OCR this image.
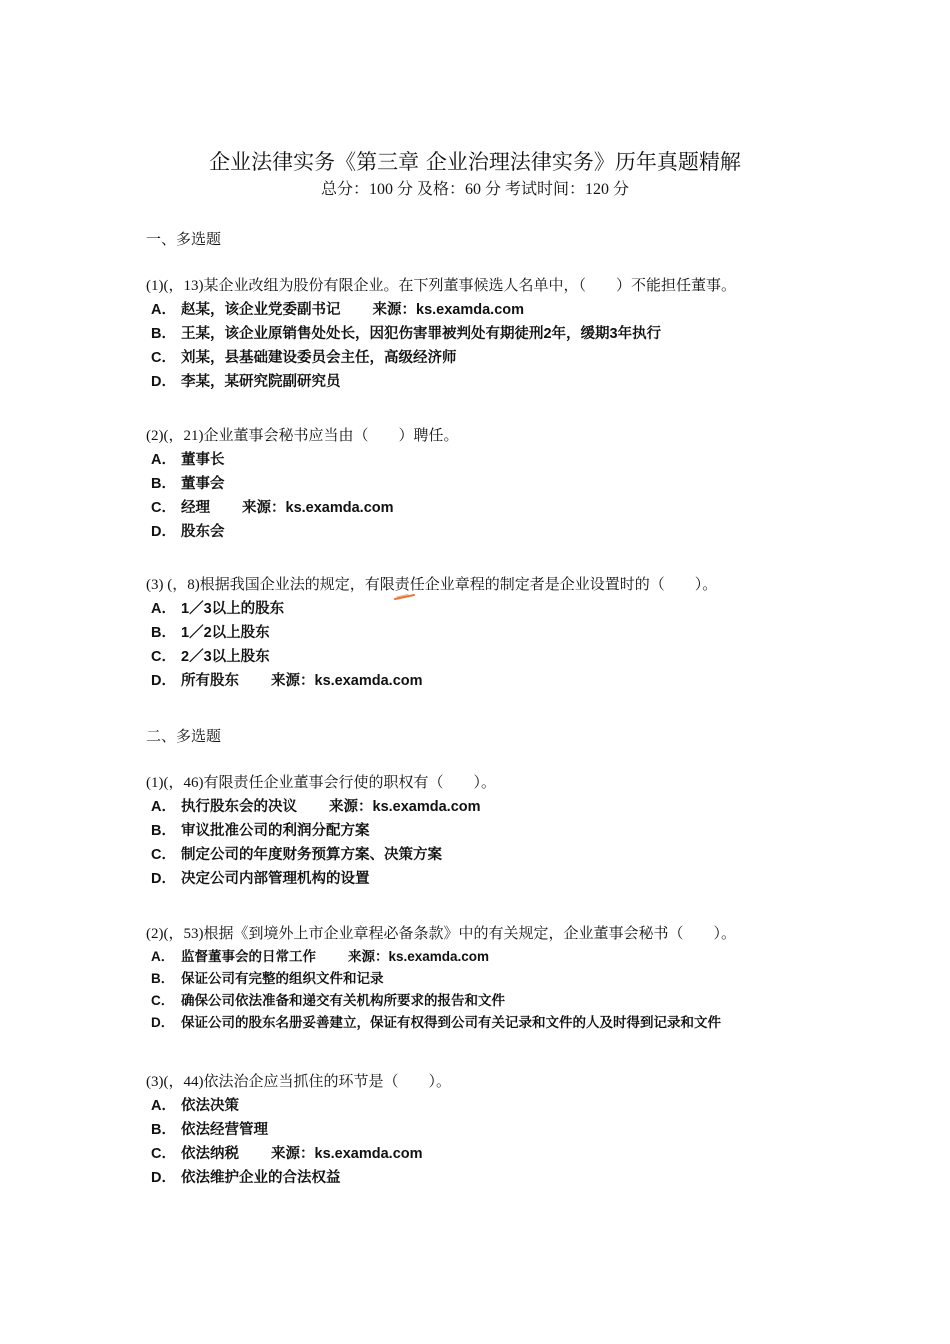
企业法律实务《第三章 企业治理法律实务》历年真题精解
总分：100 分 及格：60 分 考试时间：120 分
一、多选题
(1)(，13)某企业改组为股份有限企业。在下列董事候选人名单中，（　　）不能担任董事。
A． 赵某，该企业党委副书记 来源：ks.examda.com
B． 王某，该企业原销售处处长，因犯伤害罪被判处有期徒刑2年，缓期3年执行
C． 刘某，县基础建设委员会主任，高级经济师
D． 李某，某研究院副研究员
(2)(，21)企业董事会秘书应当由（　　）聘任。
A． 董事长
B． 董事会
C． 经理 来源：ks.examda.com
D． 股东会
(3) (，8)根据我国企业法的规定，有限责任企业章程的制定者是企业设置时的（　　）。
A． 1／3以上的股东
B． 1／2以上股东
C． 2／3以上股东
D． 所有股东 来源：ks.examda.com
二、多选题
(1)(，46)有限责任企业董事会行使的职权有（　　）。
A． 执行股东会的决议 来源：ks.examda.com
B． 审议批准公司的利润分配方案
C． 制定公司的年度财务预算方案、决策方案
D． 决定公司内部管理机构的设置
(2)(，53)根据《到境外上市企业章程必备条款》中的有关规定，企业董事会秘书（　　）。
A． 监督董事会的日常工作 来源：ks.examda.com
B． 保证公司有完整的组织文件和记录
C． 确保公司依法准备和递交有关机构所要求的报告和文件
D． 保证公司的股东名册妥善建立，保证有权得到公司有关记录和文件的人及时得到记录和文件
(3)(，44)依法治企应当抓住的环节是（　　）。
A． 依法决策
B． 依法经营管理
C． 依法纳税 来源：ks.examda.com
D． 依法维护企业的合法权益
